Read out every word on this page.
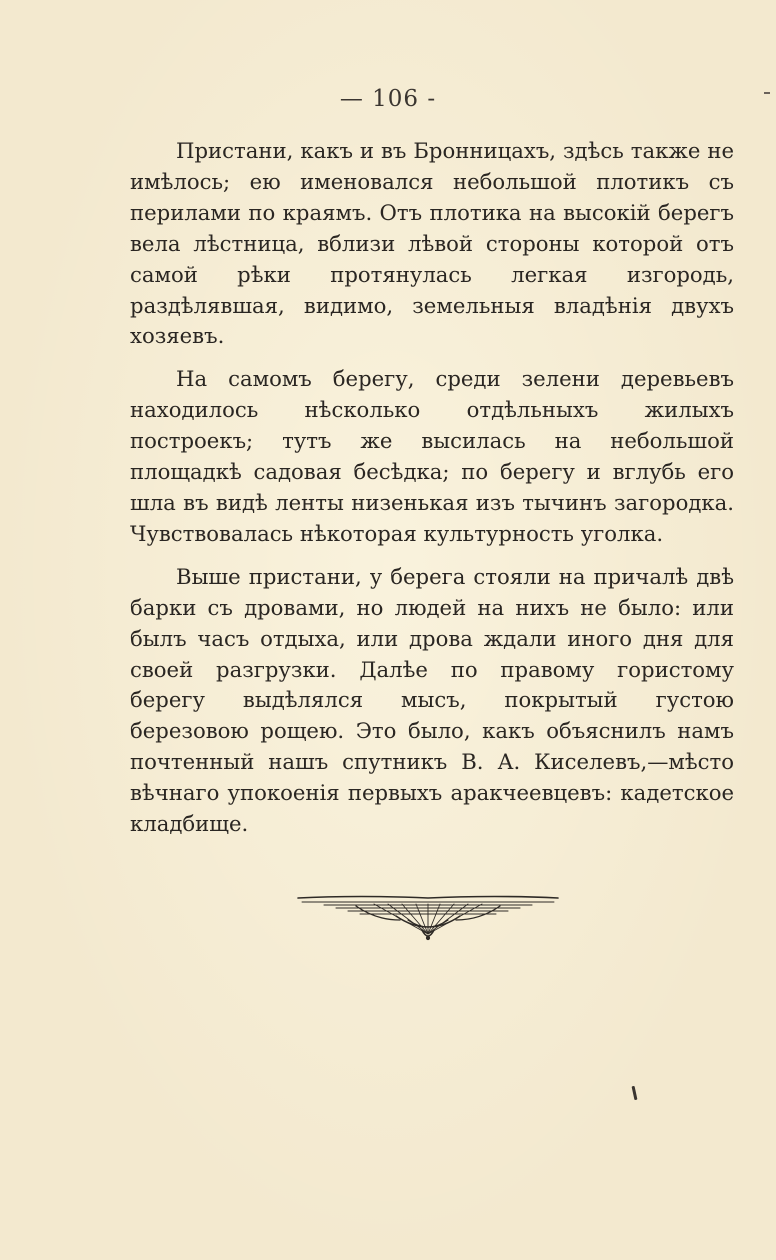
— 106 -

Пристани, какъ и въ Бронницахъ, здѣсь также не имѣлось; ею именовался небольшой плотикъ съ перилами по краямъ. Отъ плотика на высокій берегъ вела лѣстница, вблизи лѣвой стороны которой отъ самой рѣки протянулась легкая изгородь, раздѣлявшая, видимо, земельныя владѣнія двухъ хозяевъ.

На самомъ берегу, среди зелени деревьевъ находилось нѣсколько отдѣльныхъ жилыхъ построекъ; тутъ же высилась на небольшой площадкѣ садовая бесѣдка; по берегу и вглубь его шла въ видѣ ленты низенькая изъ тычинъ загородка. Чувствовалась нѣкоторая культурность уголка.

Выше пристани, у берега стояли на причалѣ двѣ барки съ дровами, но людей на нихъ не было: или былъ часъ отдыха, или дрова ждали иного дня для своей разгрузки. Далѣе по правому гористому берегу выдѣлялся мысъ, покрытый густою березовою рощею. Это было, какъ объяснилъ намъ почтенный нашъ спутникъ В. А. Киселевъ,—мѣсто вѣчнаго упокоенія первыхъ аракчеевцевъ: кадетское кладбище.
